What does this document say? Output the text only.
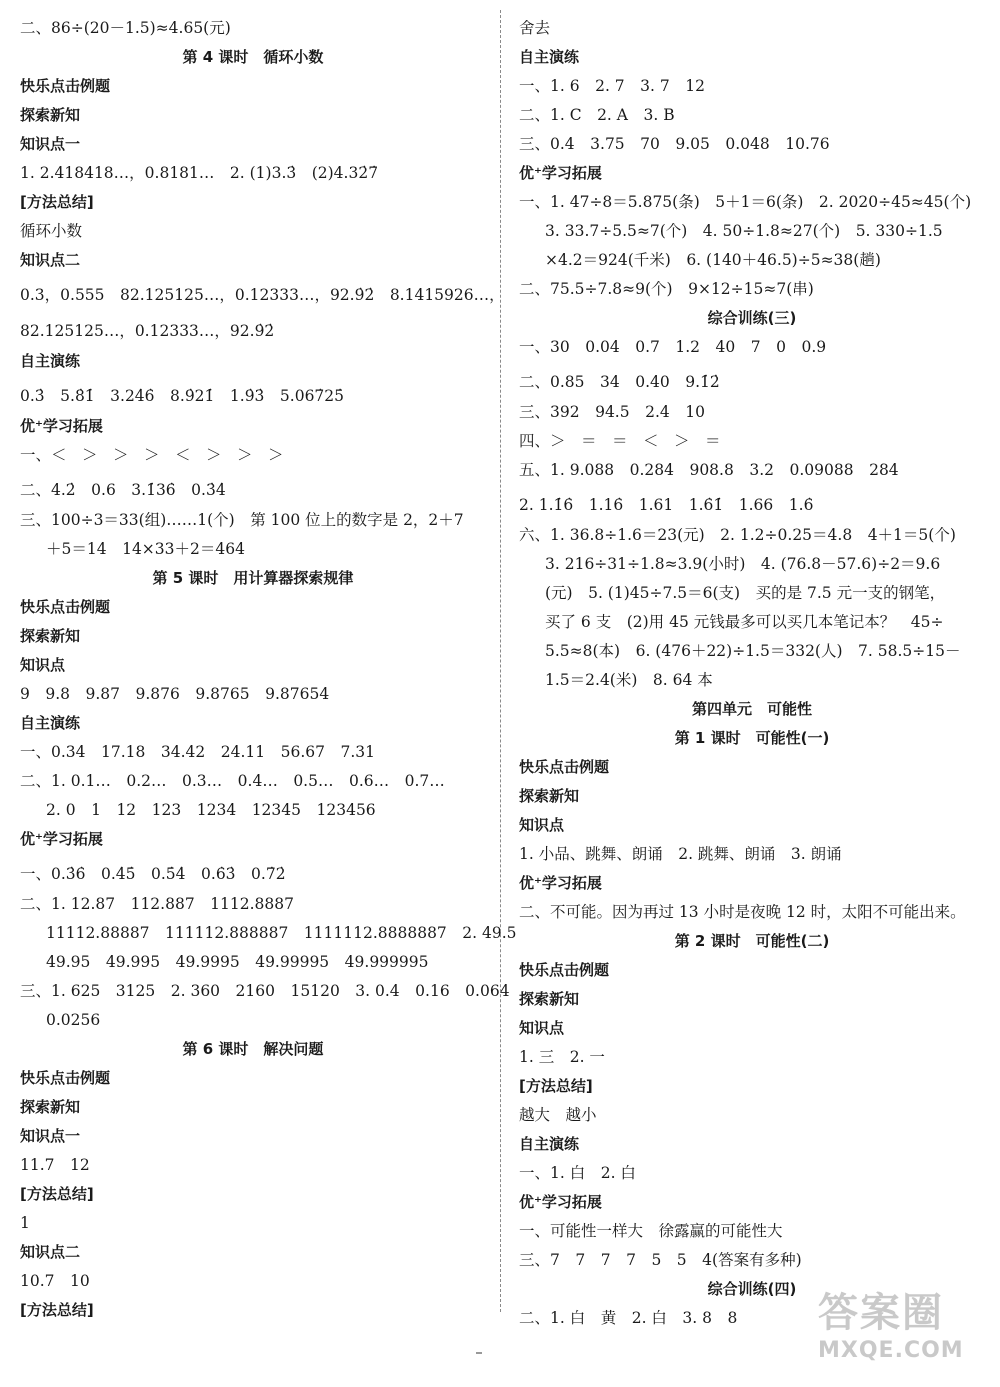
二、86÷(20－1.5)≈4.65(元)
第 4 课时　循环小数
快乐点击例题
探索新知
知识点一
1. 2.418418…，0.8181…　2. (1)3.3̇　(2)4.32̇7̇
[方法总结]
循环小数
知识点二
0.3，0.555　82.125125…，0.12333…，92.9̇2̇　8.1415926…，
82.125125…，0.12333…，92.9̇2̇
自主演练
0.3̇　5.8̇1̇　3.24̇6̇　8.9̇21̇　1.9̇3̇　5.067̇25̇
优⁺学习拓展
一、＜　＞　＞　＞　＜　＞　＞　＞
二、4.2̇　0.6　3.1̇36̇　0.3̇4̇
三、100÷3＝33(组)……1(个)　第 100 位上的数字是 2，2＋7
＋5＝14　14×33＋2＝464
第 5 课时　用计算器探索规律
快乐点击例题
探索新知
知识点
9　9.8　9.87　9.876　9.8765　9.87654
自主演练
一、0.34　17.18　34.42　24.11　56.67　7.31
二、1. 0.1…　0.2…　0.3…　0.4…　0.5…　0.6…　0.7…
2. 0　1　12　123　1234　12345　123456
优⁺学习拓展
一、0.3̇6̇　0.4̇5̇　0.5̇4̇　0.6̇3̇　0.7̇2̇
二、1. 12.87　112.887　1112.8887
11112.88887　111112.888887　1111112.8888887　2. 49.5
49.95　49.995　49.9995　49.99995　49.999995
三、1. 625　3125　2. 360　2160　15120　3. 0.4　0.16　0.064
0.0256
第 6 课时　解决问题
快乐点击例题
探索新知
知识点一
11.7　12
[方法总结]
1
知识点二
10.7　10
[方法总结]
舍去
自主演练
一、1. 6　2. 7　3. 7　12
二、1. C　2. A　3. B
三、0.4　3.75　70　9.05　0.048　10.76
优⁺学习拓展
一、1. 47÷8＝5.875(条)　5＋1＝6(条)　2. 2020÷45≈45(个)
3. 33.7÷5.5≈7(个)　4. 50÷1.8≈27(个)　5. 330÷1.5
×4.2＝924(千米)　6. (140＋46.5)÷5≈38(趟)
二、75.5÷7.8≈9(个)　9×12÷15≈7(串)
综合训练(三)
一、30　0.04　0.7　1.2　40　7　0　0.9
二、0.85　34　0.40　9.1̇2̇
三、392　94.5　2.4　10
四、＞　＝　＝　＜　＞　＝
五、1. 9.088　0.284　908.8　3.2　0.09088　284
2. 1.1̇6̇　1.16̇　1.61　1.6̇1̇　1.66　1.6̇
六、1. 36.8÷1.6＝23(元)　2. 1.2÷0.25＝4.8　4＋1＝5(个)
3. 216÷31÷1.8≈3.9(小时)　4. (76.8－57.6)÷2＝9.6
(元)　5. (1)45÷7.5＝6(支)　买的是 7.5 元一支的钢笔，
买了 6 支　(2)用 45 元钱最多可以买几本笔记本？　45÷
5.5≈8(本)　6. (476＋22)÷1.5＝332(人)　7. 58.5÷15－
1.5＝2.4(米)　8. 64 本
第四单元　可能性
第 1 课时　可能性(一)
快乐点击例题
探索新知
知识点
1. 小品、跳舞、朗诵　2. 跳舞、朗诵　3. 朗诵
优⁺学习拓展
二、不可能。因为再过 13 小时是夜晚 12 时，太阳不可能出来。
第 2 课时　可能性(二)
快乐点击例题
探索新知
知识点
1. 三　2. 一
[方法总结]
越大　越小
自主演练
一、1. 白　2. 白
优⁺学习拓展
一、可能性一样大　徐露赢的可能性大
三、7　7　7　7　5　5　4(答案有多种)
综合训练(四)
二、1. 白　黄　2. 白　3. 8　8	答案圈
MXQE.COM
